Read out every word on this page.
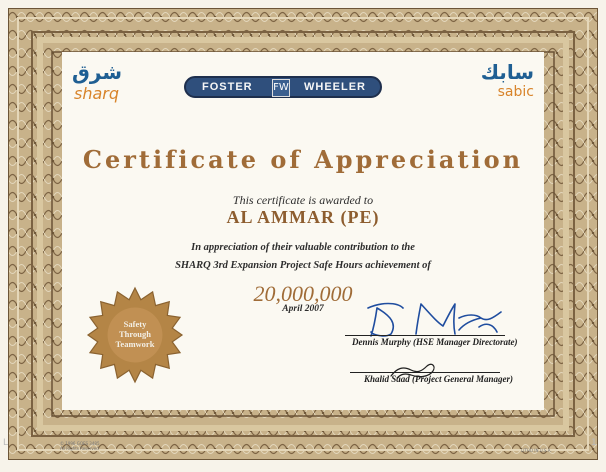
شرق
sharq	FOSTER FW WHEELER
سابك
sabic
Certificate of Appreciation
This certificate is awarded to
AL AMMAR (PE)
In appreciation of their valuable contribution to the
SHARQ 3rd Expansion Project Safe Hours achievement of
20,000,000
April 2007
Safety
Through
Teamwork	Dennis Murphy (HSE Manager Directorate)
Khalid Saad (Project General Manager)
© 1996 GOES 3485
All Rights Reserved	LITHO IN U.S.A.
L	1
